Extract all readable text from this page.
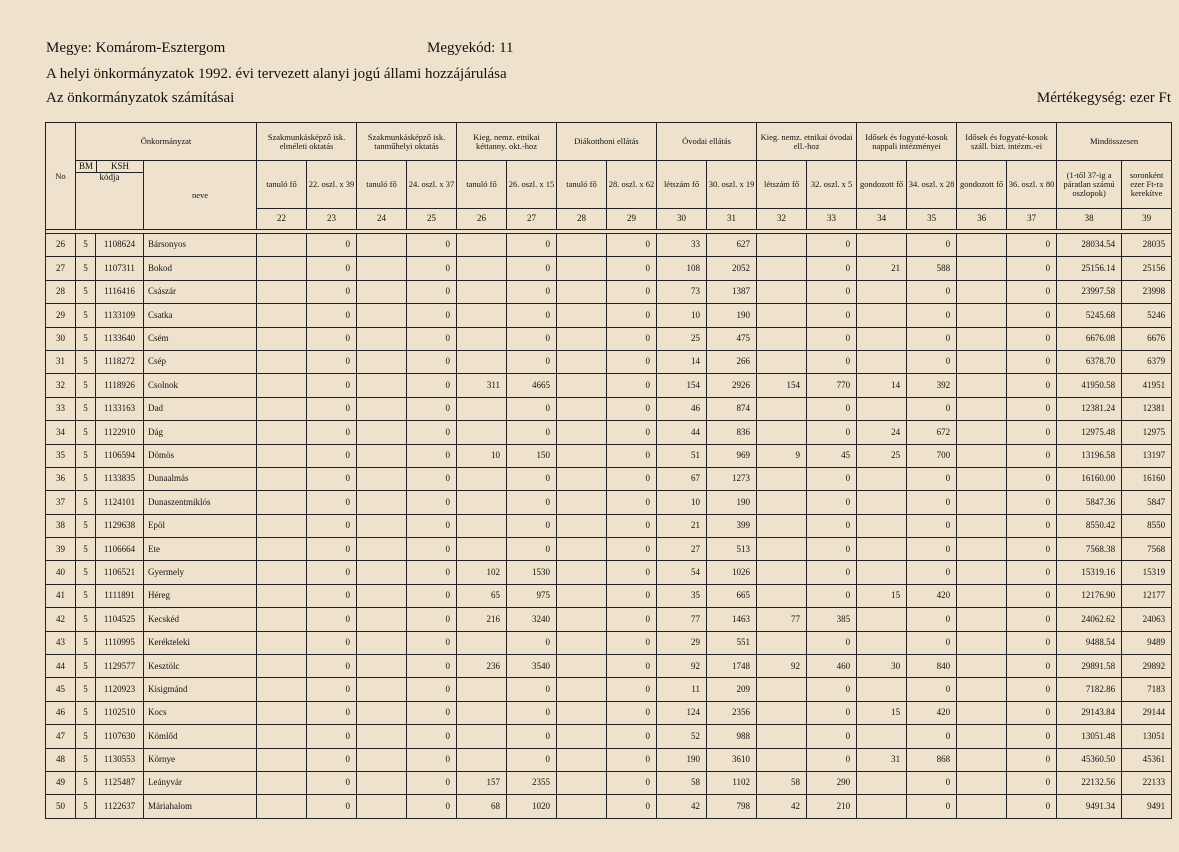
Megye: Komárom-Esztergom	Megyekód: 11
A helyi önkormányzatok 1992. évi tervezett alanyi jogú állami hozzájárulása
Az önkormányzatok számításai	Mértékegység: ezer Ft
No	Önkormányzat			Szakmunkásképző isk. elméleti oktatás		Szakmunkásképző isk. tanműhelyi oktatás		Kieg. nemz. etnikai kéttanny. okt.-hoz		Diákotthoni ellátás		Óvodai ellátás		Kieg. nemz. etnikai óvodai ell.-hoz		Idősek és fogyaté-kosok nappali intézményei		Idősek és fogyaté-kosok száll. bizt. intézm.-ei		Mindösszesen	

	BM KSH
kódja		neve	tanuló fő	22. oszl. x 39	tanuló fő	24. oszl. x 37	tanuló fő	26. oszl. x 15	tanuló fő	28. oszl. x 62	létszám fő	30. oszl. x 19	létszám fő	32. oszl. x 5	gondozott fő	34. oszl. x 28	gondozott fő	36. oszl. x 80	(1-től 37-ig a páratlan számú oszlopok)	soronként ezer Ft-ra kerekítve
				22	23	24	25	26	27	28	29	30	31	32	33	34	35	36	37	38	39

26	5	1108624	Bársonyos		0		0		0		0	33	627		0		0		0	28034.54	28035
27	5	1107311	Bokod		0		0		0		0	108	2052		0	21	588		0	25156.14	25156
28	5	1116416	Császár		0		0		0		0	73	1387		0		0		0	23997.58	23998
29	5	1133109	Csatka		0		0		0		0	10	190		0		0		0	5245.68	5246
30	5	1133640	Csém		0		0		0		0	25	475		0		0		0	6676.08	6676
31	5	1118272	Csép		0		0		0		0	14	266		0		0		0	6378.70	6379
32	5	1118926	Csolnok		0		0	311	4665		0	154	2926	154	770	14	392		0	41950.58	41951
33	5	1133163	Dad		0		0		0		0	46	874		0		0		0	12381.24	12381
34	5	1122910	Dág		0		0		0		0	44	836		0	24	672		0	12975.48	12975
35	5	1106594	Dömös		0		0	10	150		0	51	969	9	45	25	700		0	13196.58	13197
36	5	1133835	Dunaalmás		0		0		0		0	67	1273		0		0		0	16160.00	16160
37	5	1124101	Dunaszentmiklós		0		0		0		0	10	190		0		0		0	5847.36	5847
38	5	1129638	Epöl		0		0		0		0	21	399		0		0		0	8550.42	8550
39	5	1106664	Ete		0		0		0		0	27	513		0		0		0	7568.38	7568
40	5	1106521	Gyermely		0		0	102	1530		0	54	1026		0		0		0	15319.16	15319
41	5	1111891	Héreg		0		0	65	975		0	35	665		0	15	420		0	12176.90	12177
42	5	1104525	Kecskéd		0		0	216	3240		0	77	1463	77	385		0		0	24062.62	24063
43	5	1110995	Kerékteleki		0		0		0		0	29	551		0		0		0	9488.54	9489
44	5	1129577	Kesztölc		0		0	236	3540		0	92	1748	92	460	30	840		0	29891.58	29892
45	5	1120923	Kisigmánd		0		0		0		0	11	209		0		0		0	7182.86	7183
46	5	1102510	Kocs		0		0		0		0	124	2356		0	15	420		0	29143.84	29144
47	5	1107630	Kömlőd		0		0		0		0	52	988		0		0		0	13051.48	13051
48	5	1130553	Környe		0		0		0		0	190	3610		0	31	868		0	45360.50	45361
49	5	1125487	Leányvár		0		0	157	2355		0	58	1102	58	290		0		0	22132.56	22133
50	5	1122637	Máriahalom		0		0	68	1020		0	42	798	42	210		0		0	9491.34	9491
